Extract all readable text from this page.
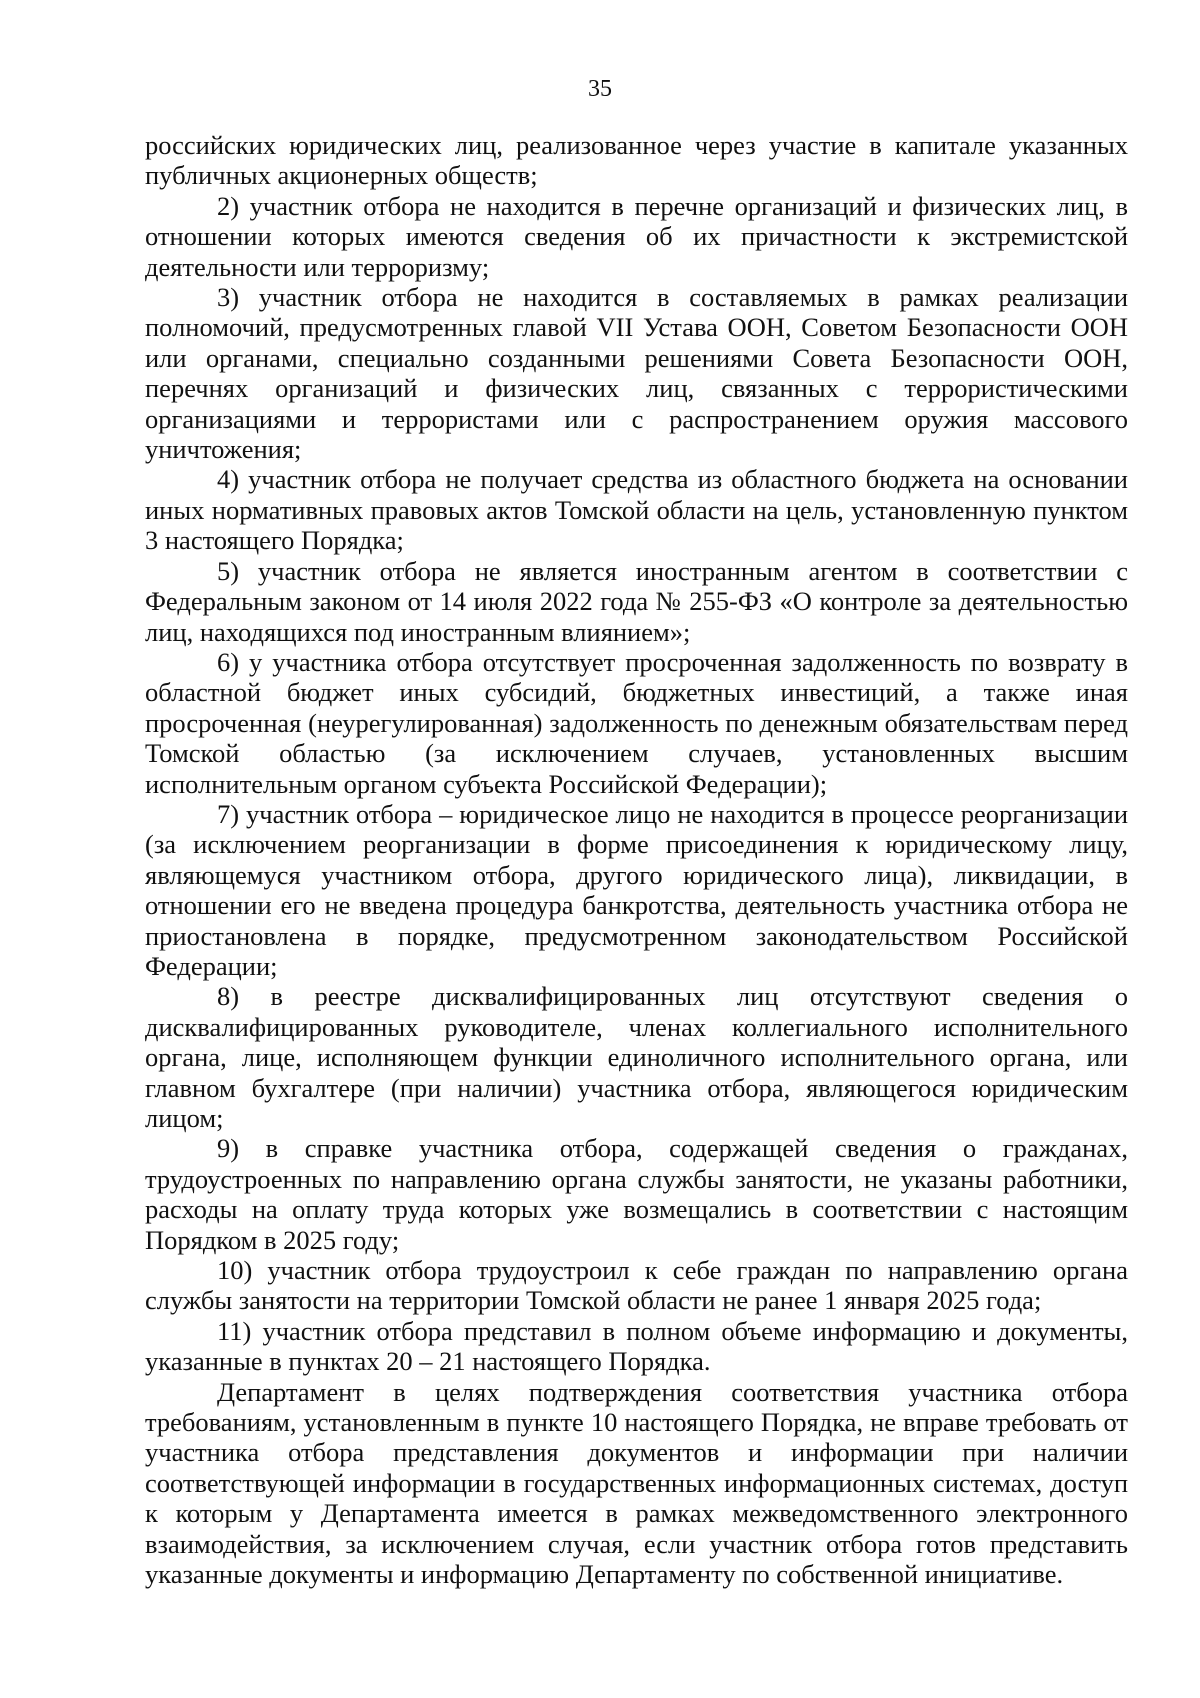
35

российских юридических лиц, реализованное через участие в капитале указанных публичных акционерных обществ;

2) участник отбора не находится в перечне организаций и физических лиц, в отношении которых имеются сведения об их причастности к экстремистской деятельности или терроризму;

3) участник отбора не находится в составляемых в рамках реализации полномочий, предусмотренных главой VII Устава ООН, Советом Безопасности ООН или органами, специально созданными решениями Совета Безопасности ООН, перечнях организаций и физических лиц, связанных с террористическими организациями и террористами или с распространением оружия массового уничтожения;

4) участник отбора не получает средства из областного бюджета на основании иных нормативных правовых актов Томской области на цель, установленную пунктом 3 настоящего Порядка;

5) участник отбора не является иностранным агентом в соответствии с Федеральным законом от 14 июля 2022 года № 255-ФЗ «О контроле за деятельностью лиц, находящихся под иностранным влиянием»;

6) у участника отбора отсутствует просроченная задолженность по возврату в областной бюджет иных субсидий, бюджетных инвестиций, а также иная просроченная (неурегулированная) задолженность по денежным обязательствам перед Томской областью (за исключением случаев, установленных высшим исполнительным органом субъекта Российской Федерации);

7) участник отбора – юридическое лицо не находится в процессе реорганизации (за исключением реорганизации в форме присоединения к юридическому лицу, являющемуся участником отбора, другого юридического лица), ликвидации, в отношении его не введена процедура банкротства, деятельность участника отбора не приостановлена в порядке, предусмотренном законодательством Российской Федерации;

8) в реестре дисквалифицированных лиц отсутствуют сведения о дисквалифицированных руководителе, членах коллегиального исполнительного органа, лице, исполняющем функции единоличного исполнительного органа, или главном бухгалтере (при наличии) участника отбора, являющегося юридическим лицом;

9) в справке участника отбора, содержащей сведения о гражданах, трудоустроенных по направлению органа службы занятости, не указаны работники, расходы на оплату труда которых уже возмещались в соответствии с настоящим Порядком в 2025 году;

10) участник отбора трудоустроил к себе граждан по направлению органа службы занятости на территории Томской области не ранее 1 января 2025 года;

11) участник отбора представил в полном объеме информацию и документы, указанные в пунктах 20 – 21 настоящего Порядка.

Департамент в целях подтверждения соответствия участника отбора требованиям, установленным в пункте 10 настоящего Порядка, не вправе требовать от участника отбора представления документов и информации при наличии соответствующей информации в государственных информационных системах, доступ к которым у Департамента имеется в рамках межведомственного электронного взаимодействия, за исключением случая, если участник отбора готов представить указанные документы и информацию Департаменту по собственной инициативе.
